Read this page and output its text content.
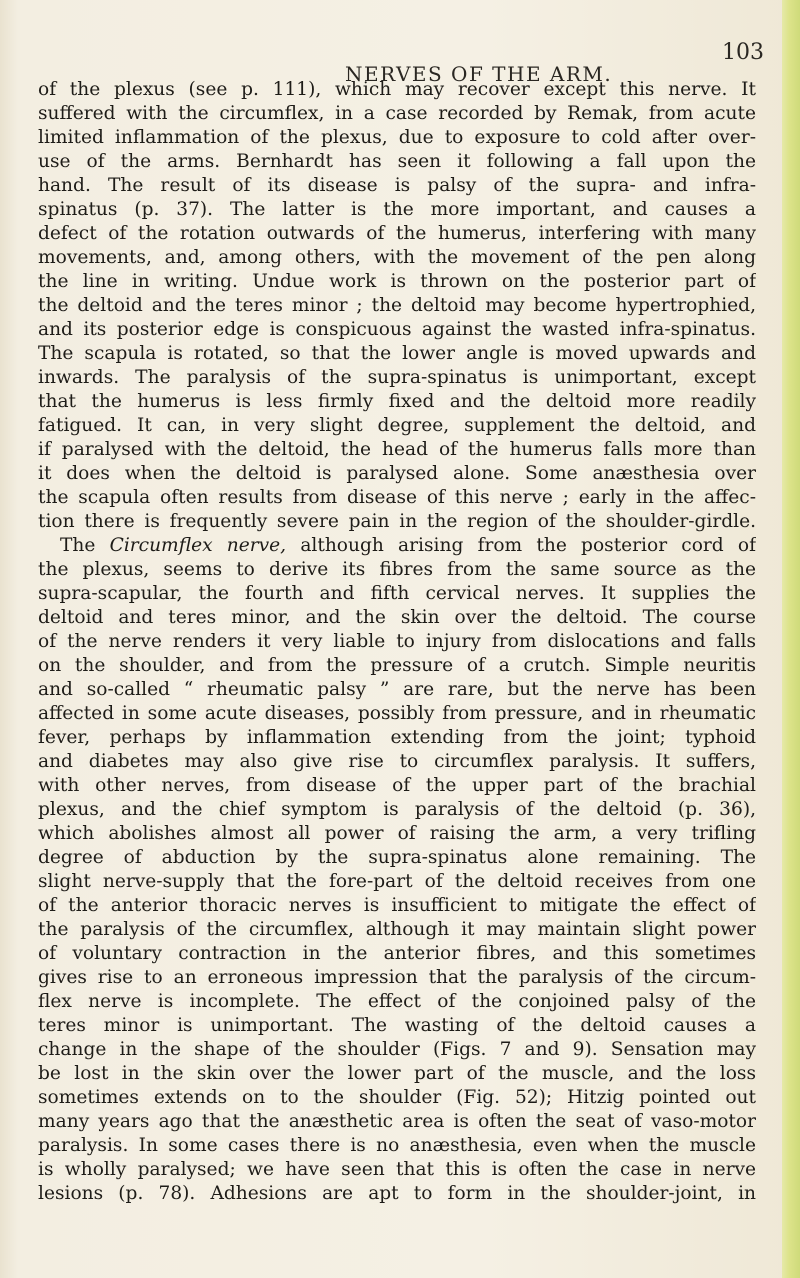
NERVES OF THE ARM.
103
of the plexus (see p. 111), which may recover except this nerve. It
suffered with the circumflex, in a case recorded by Remak, from acute
limited inflammation of the plexus, due to exposure to cold after over-
use of the arms. Bernhardt has seen it following a fall upon the
hand. The result of its disease is palsy of the supra- and infra-
spinatus (p. 37). The latter is the more important, and causes a
defect of the rotation outwards of the humerus, interfering with many
movements, and, among others, with the movement of the pen along
the line in writing. Undue work is thrown on the posterior part of
the deltoid and the teres minor ; the deltoid may become hypertrophied,
and its posterior edge is conspicuous against the wasted infra-spinatus.
The scapula is rotated, so that the lower angle is moved upwards and
inwards. The paralysis of the supra-spinatus is unimportant, except
that the humerus is less firmly fixed and the deltoid more readily
fatigued. It can, in very slight degree, supplement the deltoid, and
if paralysed with the deltoid, the head of the humerus falls more than
it does when the deltoid is paralysed alone. Some anæsthesia over
the scapula often results from disease of this nerve ; early in the affec-
tion there is frequently severe pain in the region of the shoulder-girdle.
The Circumflex nerve, although arising from the posterior cord of
the plexus, seems to derive its fibres from the same source as the
supra-scapular, the fourth and fifth cervical nerves. It supplies the
deltoid and teres minor, and the skin over the deltoid. The course
of the nerve renders it very liable to injury from dislocations and falls
on the shoulder, and from the pressure of a crutch. Simple neuritis
and so-called “ rheumatic palsy ” are rare, but the nerve has been
affected in some acute diseases, possibly from pressure, and in rheumatic
fever, perhaps by inflammation extending from the joint; typhoid
and diabetes may also give rise to circumflex paralysis. It suffers,
with other nerves, from disease of the upper part of the brachial
plexus, and the chief symptom is paralysis of the deltoid (p. 36),
which abolishes almost all power of raising the arm, a very trifling
degree of abduction by the supra-spinatus alone remaining. The
slight nerve-supply that the fore-part of the deltoid receives from one
of the anterior thoracic nerves is insufficient to mitigate the effect of
the paralysis of the circumflex, although it may maintain slight power
of voluntary contraction in the anterior fibres, and this sometimes
gives rise to an erroneous impression that the paralysis of the circum-
flex nerve is incomplete. The effect of the conjoined palsy of the
teres minor is unimportant. The wasting of the deltoid causes a
change in the shape of the shoulder (Figs. 7 and 9). Sensation may
be lost in the skin over the lower part of the muscle, and the loss
sometimes extends on to the shoulder (Fig. 52); Hitzig pointed out
many years ago that the anæsthetic area is often the seat of vaso-motor
paralysis. In some cases there is no anæsthesia, even when the muscle
is wholly paralysed; we have seen that this is often the case in nerve
lesions (p. 78). Adhesions are apt to form in the shoulder-joint, in
